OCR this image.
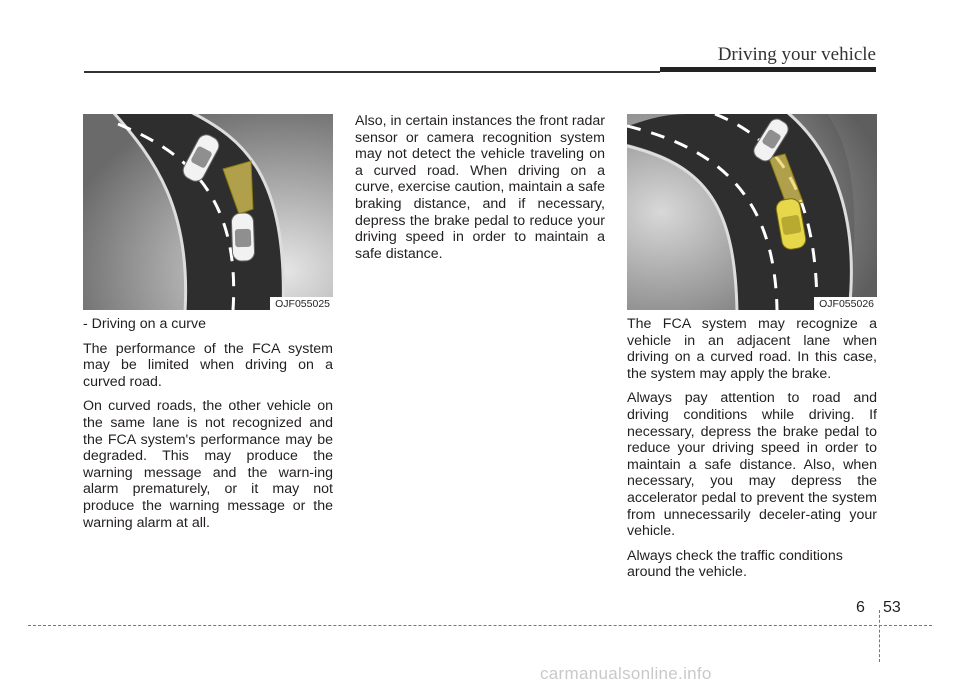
Driving your vehicle
OJF055025	OJF055026

- Driving on a curve

The performance of the FCA system may be limited when driving on a curved road.

On curved roads, the other vehicle on the same lane is not recognized and the FCA system's performance may be degraded. This may produce the warning message and the warn-ing alarm prematurely, or it may not produce the warning message or the warning alarm at all.

Also, in certain instances the front radar sensor or camera recognition system may not detect the vehicle traveling on a curved road. When driving on a curve, exercise caution, maintain a safe braking distance, and if necessary, depress the brake pedal to reduce your driving speed in order to maintain a safe distance.

The FCA system may recognize a vehicle in an adjacent lane when driving on a curved road. In this case, the system may apply the brake.

Always pay attention to road and driving conditions while driving. If necessary, depress the brake pedal to reduce your driving speed in order to maintain a safe distance. Also, when necessary, you may depress the accelerator pedal to prevent the system from unnecessarily deceler-ating your vehicle.

Always check the traffic conditions around the vehicle.

6 53
carmanualsonline.info
